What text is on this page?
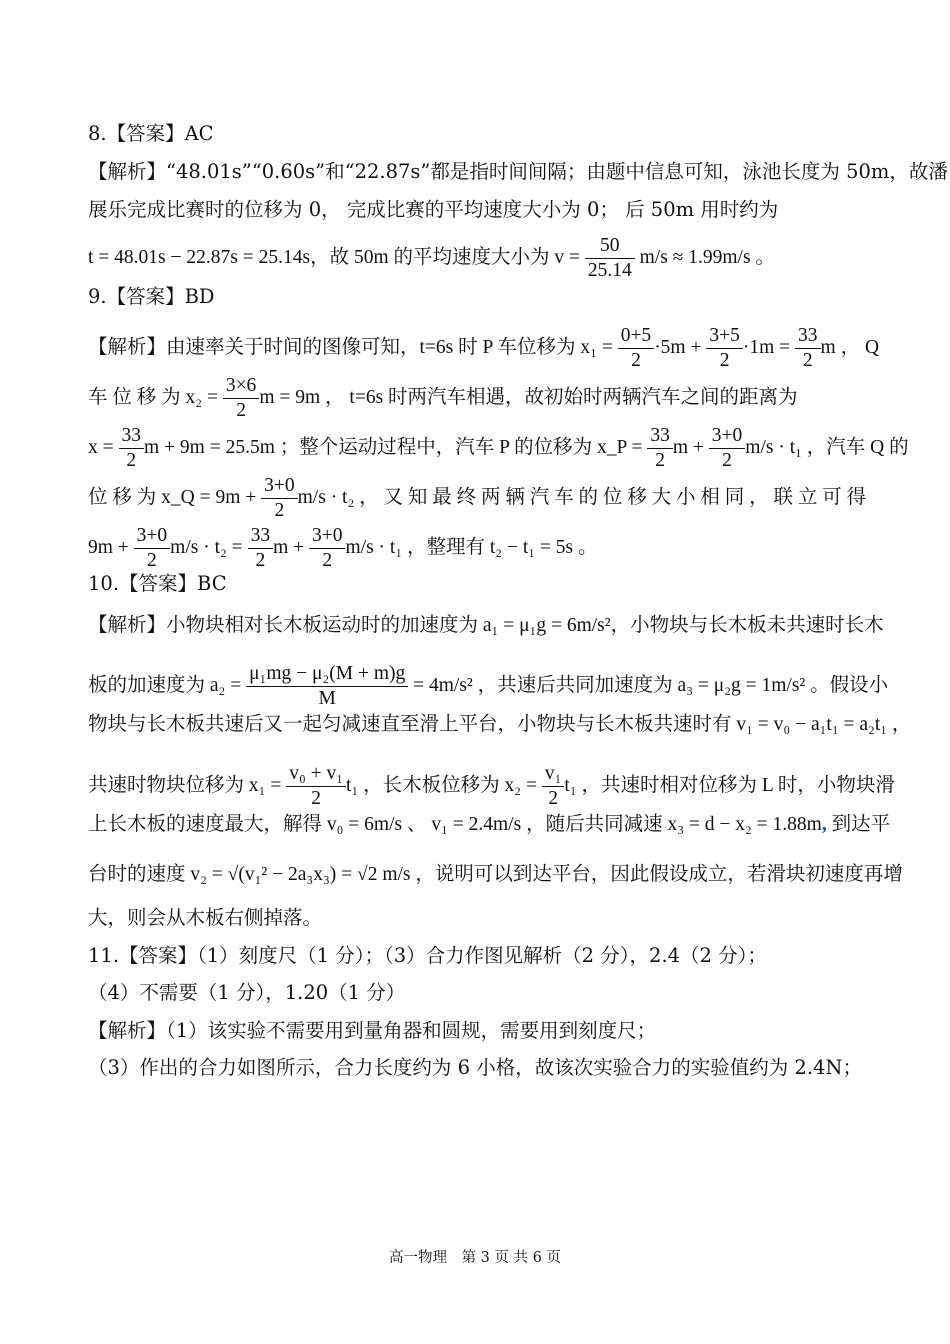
8.【答案】AC
【解析】“48.01s”“0.60s”和“22.87s”都是指时间间隔；由题中信息可知，泳池长度为 50m，故潘
展乐完成比赛时的位移为 0， 完成比赛的平均速度大小为 0； 后 50m 用时约为
t = 48.01s − 22.87s = 25.14s，故 50m 的平均速度大小为 $v = \frac{50}{25.14} m/s \approx 1.99m/s$ 。
9.【答案】BD
【解析】由速率关于时间的图像可知，t=6s 时 P 车位移为 $x_1 = \frac{0+5}{2} \cdot 5m + \frac{3+5}{2} \cdot 1m = \frac{33}{2}$ m ， Q
车 位 移 为 $x_2 = \frac{3\times 6}{2}$ m = 9m ， t=6s 时两汽车相遇，故初始时两辆汽车之间的距离为
$x = \frac{33}{2}$ m + 9m = 25.5m ；整个运动过程中，汽车 P 的位移为 x_P = $\frac{33}{2}$ $m + \frac{3+0}{2} m/s \cdot t_1$ ，汽车 Q 的
位 移 为 x_Q = $9m + \frac{3+0}{2} m/s \cdot t_2$ ， 又 知 最 终 两 辆 汽 车 的 位 移 大 小 相 同 ， 联 立 可 得
$9m + \frac{3+0}{2} m/s \cdot t_2 = \frac{33}{2}$ $m + \frac{3+0}{2} m/s \cdot t_1$ ，整理有 t₂ − t₁ = 5s 。
10.【答案】BC
【解析】小物块相对长木板运动时的加速度为 a₁ = μ₁g = 6m/s²，小物块与长木板未共速时长木
板的加速度为 $a_2 = \frac{\text{μ₁mg − μ₂(M + m)g}}{M} = 4m/s^2$ ，共速后共同加速度为 a₃ = μ₂g = 1m/s² 。假设小
物块与长木板共速后又一起匀减速直至滑上平台，小物块与长木板共速时有 v₁ = v₀ − a₁t₁ = a₂t₁ ，
共速时物块位移为 $x_1 = \frac{\text{v₀ + v₁}}{2} t_1$ ，长木板位移为 $x_2 = \frac{\text{v₁}}{2} t_1$ ，共速时相对位移为 L 时，小物块滑
上长木板的速度最大，解得 v₀ = 6m/s 、 v₁ = 2.4m/s ，随后共同减速 x₃ = d − x₂ = 1.88m, 到达平
台时的速度 v₂ = √(v₁² − 2a₃x₃) = √2 m/s ，说明可以到达平台，因此假设成立，若滑块初速度再增
大，则会从木板右侧掉落。
11.【答案】（1）刻度尺（1 分）；（3）合力作图见解析（2 分），2.4（2 分）；
（4）不需要（1 分），1.20（1 分）
【解析】（1）该实验不需要用到量角器和圆规，需要用到刻度尺；
（3）作出的合力如图所示，合力长度约为 6 小格，故该次实验合力的实验值约为 2.4N；
高一物理　第 3 页 共 6 页
